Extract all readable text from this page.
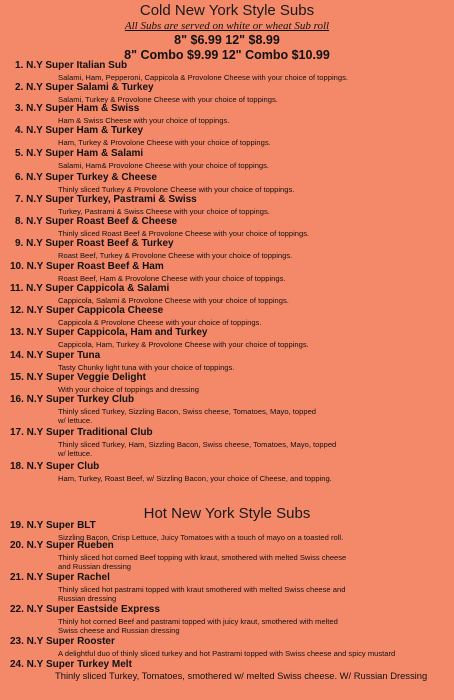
Cold New York Style Subs
All Subs are served on white or wheat Sub roll
8" $6.99 12" $8.99
8" Combo $9.99 12" Combo $10.99
1. N.Y Super Italian Sub
Salami, Ham, Pepperoni, Cappicola & Provolone Cheese with your choice of toppings.
2. N.Y Super Salami & Turkey
Salami, Turkey & Provolone Cheese with your choice of toppings.
3. N.Y Super Ham & Swiss
Ham & Swiss Cheese with your choice of toppings.
4. N.Y Super Ham & Turkey
Ham, Turkey & Provolone Cheese with your choice of toppings.
5. N.Y Super Ham & Salami
Salami, Ham& Provolone Cheese with your choice of toppings.
6. N.Y Super Turkey & Cheese
Thinly sliced Turkey & Provolone Cheese with your choice of toppings.
7. N.Y Super Turkey, Pastrami & Swiss
Turkey, Pastrami & Swiss Cheese with your choice of toppings.
8. N.Y Super Roast Beef & Cheese
Thinly sliced Roast Beef & Provolone Cheese with your choice of toppings.
9. N.Y Super Roast Beef & Turkey
Roast Beef, Turkey & Provolone Cheese with your choice of toppings.
10. N.Y Super Roast Beef & Ham
Roast Beef, Ham & Provolone Cheese with your choice of toppings.
11. N.Y Super Cappicola & Salami
Cappicola, Salami & Provolone Cheese with your choice of toppings.
12. N.Y Super Cappicola Cheese
Cappicola & Provolone Cheese with your choice of toppings.
13. N.Y Super Cappicola, Ham and Turkey
Cappicola, Ham, Turkey & Provolone Cheese with your choice of toppings.
14. N.Y Super Tuna
Tasty Chunky light tuna with your choice of toppings.
15. N.Y Super Veggie Delight
With your choice of toppings and dressing
16. N.Y Super Turkey Club
Thinly sliced Turkey, Sizzling Bacon, Swiss cheese, Tomatoes, Mayo, topped
w/ lettuce.
17. N.Y Super Traditional Club
Thinly sliced Turkey, Ham, Sizzling Bacon, Swiss cheese, Tomatoes, Mayo, topped
w/ lettuce.
18. N.Y Super Club
Ham, Turkey, Roast Beef, w/ Sizzling Bacon, your choice of Cheese, and topping.
Hot New York Style Subs
19. N.Y Super BLT
Sizzling Bacon, Crisp Lettuce, Juicy Tomatoes with a touch of mayo on a toasted roll.
20. N.Y Super Rueben
Thinly sliced hot corned Beef topping with kraut, smothered with melted Swiss cheese
and Russian dressing
21. N.Y Super Rachel
Thinly sliced hot pastrami topped with kraut smothered with melted Swiss cheese and
Russian dressing
22. N.Y Super Eastside Express
Thinly hot corned Beef and pastrami topped with juicy kraut, smothered with melted
Swiss cheese and Russian dressing
23. N.Y Super Rooster
A delightful duo of thinly sliced turkey and hot Pastrami topped with Swiss cheese and spicy mustard
24. N.Y Super Turkey Melt
Thinly sliced Turkey, Tomatoes, smothered w/ melted Swiss cheese. W/ Russian Dressing
